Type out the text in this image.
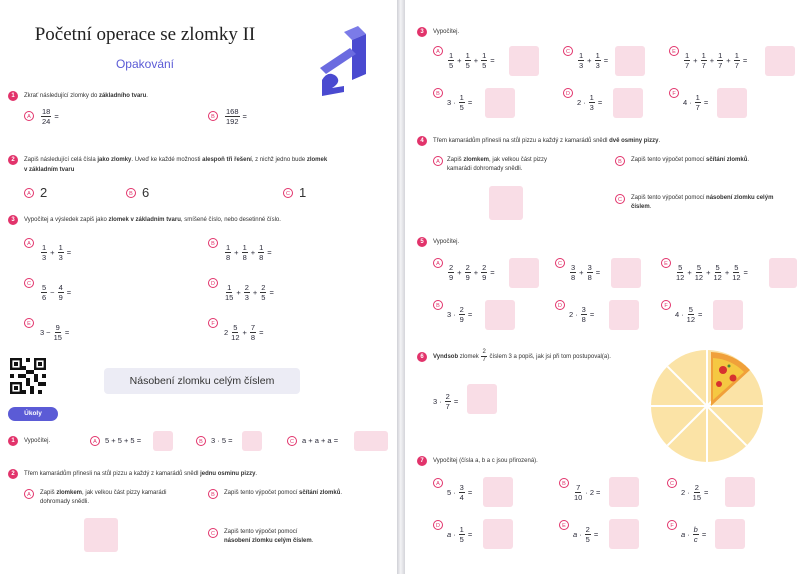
Početní operace se zlomky II
Opakování
1	Zkrať následující zlomky do základního tvaru.
A	$\frac{18}{24}$ =	B	$\frac{168}{192}$ =
2	Zapiš následující celá čísla jako zlomky. Uveď ke každé možnosti alespoň tři řešení, z nichž jedno bude zlomek
v základním tvaru
A 2	B 6	C 1
3	Vypočítej a výsledek zapiš jako zlomek v základním tvaru, smíšené číslo, nebo desetinné číslo.
A	$\frac{1}{3} + \frac{1}{3}$ =
B	$\frac{1}{8} + \frac{1}{8} + \frac{1}{8}$ =
C	$\frac{5}{6} - \frac{4}{9}$ =
D	$\frac{1}{15} + \frac{2}{3} + \frac{2}{5}$ =
E
$3 - \frac{9}{15}$ =
F
$2 \frac{5}{12} + \frac{7}{8}$ =
Násobení zlomku celým číslem
Úkoly
1	Vypočítej.	A	5 + 5 + 5 =	B	3 · 5 =	C	a + a + a =
2	Třem kamarádům přinesli na stůl pizzu a každý z kamarádů snědl jednu osminu pizzy.
A	Zapiš zlomkem, jak velkou část pizzy kamarádi
dohromady snědli.
B	Zapiš tento výpočet pomocí sčítání zlomků.
C	Zapiš tento výpočet pomocí
násobení zlomku celým číslem.
3	Vypočítej.
A	$\frac{1}{5} + \frac{1}{5} + \frac{1}{5}$ =
C	$\frac{1}{3} + \frac{1}{3}$ =
E	$\frac{1}{7} + \frac{1}{7} + \frac{1}{7} + \frac{1}{7}$ =
B
$3 \cdot \frac{1}{5}$ =
D
$2 \cdot \frac{1}{3}$ =
F
$4 \cdot \frac{1}{7}$ =
4	Třem kamarádům přinesli na stůl pizzu a každý z kamarádů snědl dvě osminy pizzy.
A	Zapiš zlomkem, jak velkou část pizzy
kamarádi dohromady snědli.
B	Zapiš tento výpočet pomocí sčítání zlomků.
C	Zapiš tento výpočet pomocí násobení zlomku celým
číslem.
5	Vypočítej.
A	$\frac{2}{9} + \frac{2}{9} + \frac{2}{9}$ =
C	$\frac{3}{8} + \frac{3}{8}$ =
E	$\frac{5}{12} + \frac{5}{12} + \frac{5}{12} + \frac{5}{12}$ =
B
$3 \cdot \frac{2}{9}$ =
D
$2 \cdot \frac{3}{8}$ =
F
$4 \cdot \frac{5}{12}$ =
6	Vyndsob zlomek $\frac{2}{7}$ číslem 3 a popiš, jak jsi při tom postupoval(a).
$3 \cdot \frac{2}{7}$ =
7	Vypočítej (čísla a, b a c jsou přirozená).
A
$5 \cdot \frac{3}{4}$ =
B	$\frac{7}{10} \cdot 2$ =
C
$2 \cdot \frac{2}{15}$ =
D
$a \cdot \frac{1}{5}$ =
E
$a \cdot \frac{2}{5}$ =
F
$a \cdot \frac{b}{c}$ =
